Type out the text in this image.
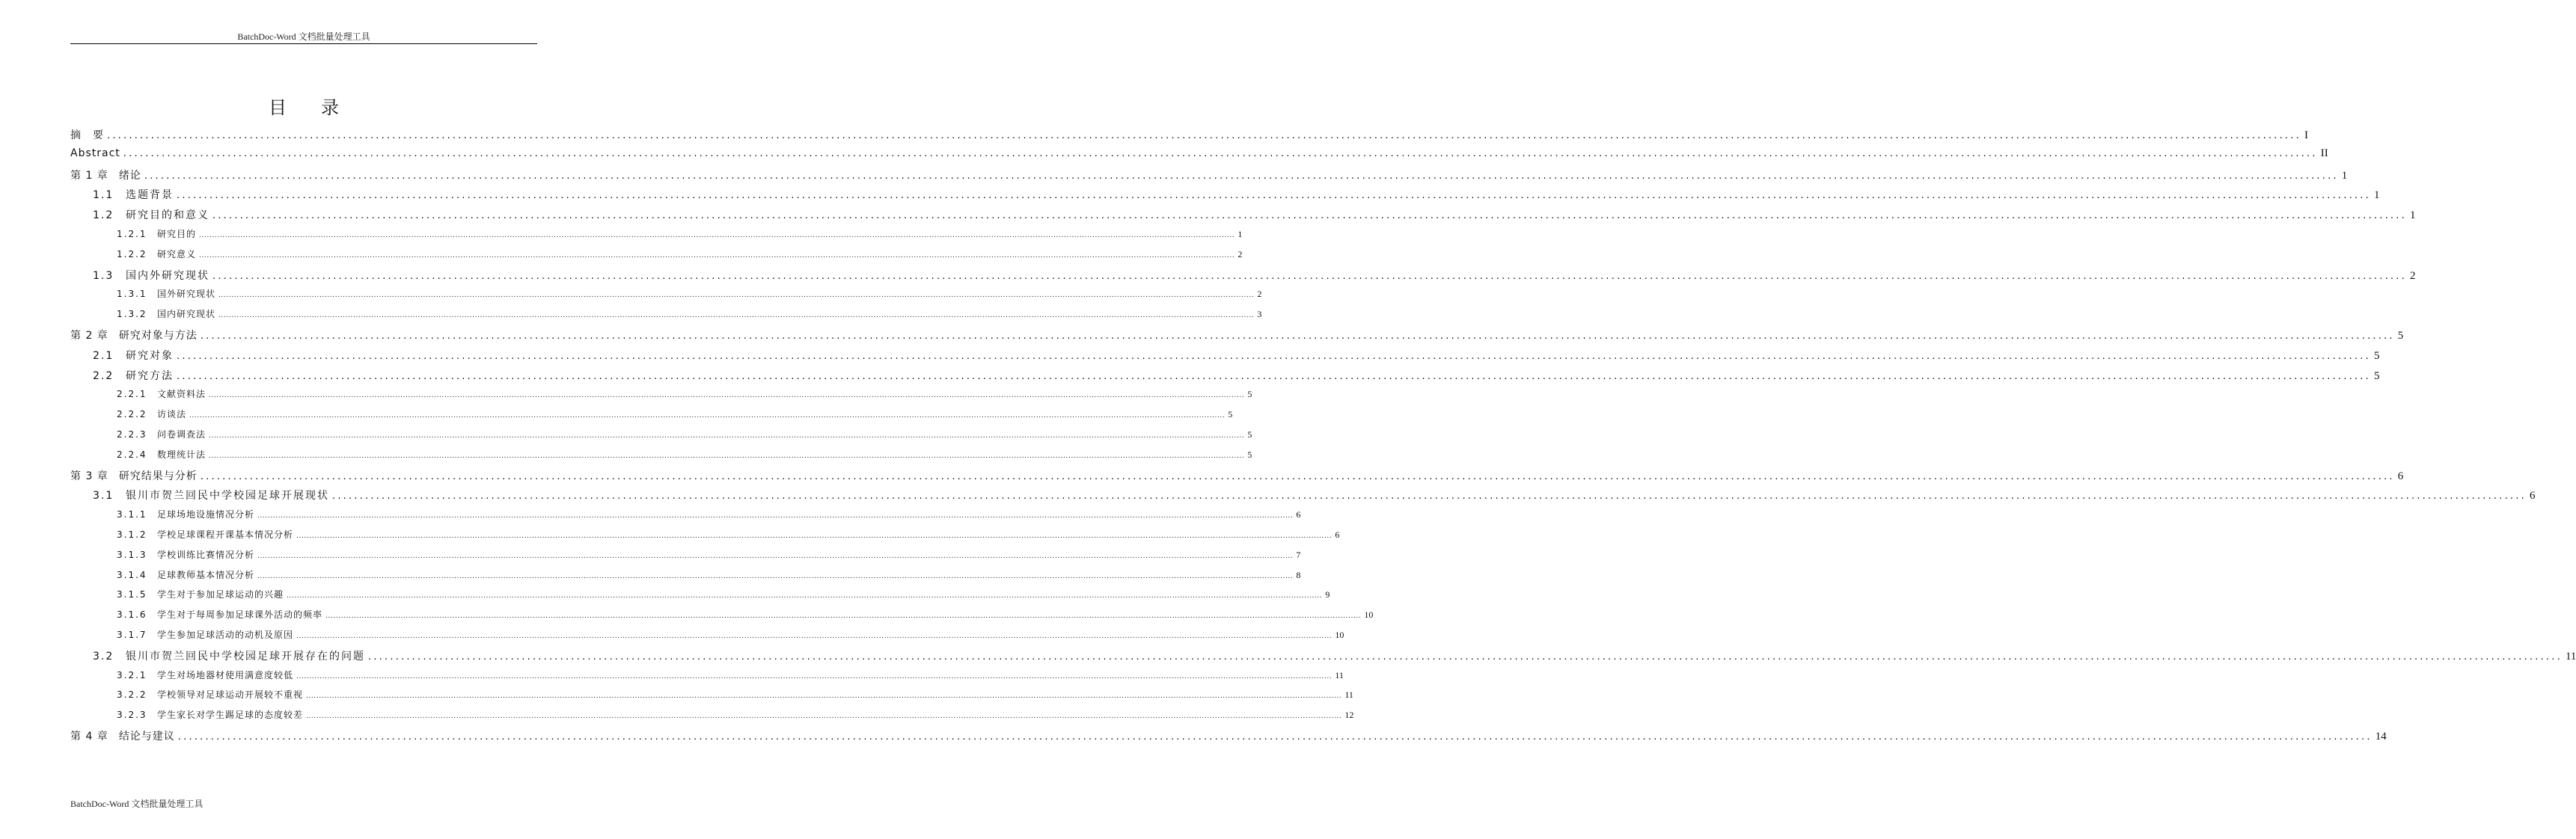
BatchDoc-Word 文档批量处理工具
目录
摘　要 ................................................................................................................................................................................................................................................................................................................................................................................................................ I
Abstract ................................................................................................................................................................................................................................................................................................................................................................................................................ II
第 1 章 绪论 ................................................................................................................................................................................................................................................................................................................................................................................................................ 1
1.1	选题背景 ................................................................................................................................................................................................................................................................................................................................................................................................................ 1
1.2	研究目的和意义 ................................................................................................................................................................................................................................................................................................................................................................................................................ 1
1.2.1	研究目的 ................................................................................................................................................................................................................................................................................................................................................................................................................ 1
1.2.2	研究意义 ................................................................................................................................................................................................................................................................................................................................................................................................................ 2
1.3	国内外研究现状 ................................................................................................................................................................................................................................................................................................................................................................................................................ 2
1.3.1	国外研究现状 ................................................................................................................................................................................................................................................................................................................................................................................................................ 2
1.3.2	国内研究现状 ................................................................................................................................................................................................................................................................................................................................................................................................................ 3
第 2 章 研究对象与方法 ................................................................................................................................................................................................................................................................................................................................................................................................................ 5
2.1	研究对象 ................................................................................................................................................................................................................................................................................................................................................................................................................ 5
2.2	研究方法 ................................................................................................................................................................................................................................................................................................................................................................................................................ 5
2.2.1	文献资料法 ................................................................................................................................................................................................................................................................................................................................................................................................................ 5
2.2.2	访谈法 ................................................................................................................................................................................................................................................................................................................................................................................................................ 5
2.2.3	问卷调查法 ................................................................................................................................................................................................................................................................................................................................................................................................................ 5
2.2.4	数理统计法 ................................................................................................................................................................................................................................................................................................................................................................................................................ 5
第 3 章 研究结果与分析 ................................................................................................................................................................................................................................................................................................................................................................................................................ 6
3.1	银川市贺兰回民中学校园足球开展现状 ................................................................................................................................................................................................................................................................................................................................................................................................................ 6
3.1.1	足球场地设施情况分析 ................................................................................................................................................................................................................................................................................................................................................................................................................ 6
3.1.2	学校足球课程开课基本情况分析 ................................................................................................................................................................................................................................................................................................................................................................................................................ 6
3.1.3	学校训练比赛情况分析 ................................................................................................................................................................................................................................................................................................................................................................................................................ 7
3.1.4	足球教师基本情况分析 ................................................................................................................................................................................................................................................................................................................................................................................................................ 8
3.1.5	学生对于参加足球运动的兴趣 ................................................................................................................................................................................................................................................................................................................................................................................................................ 9
3.1.6	学生对于每周参加足球课外活动的频率 ................................................................................................................................................................................................................................................................................................................................................................................................................ 10
3.1.7	学生参加足球活动的动机及原因 ................................................................................................................................................................................................................................................................................................................................................................................................................ 10
3.2	银川市贺兰回民中学校园足球开展存在的问题 ................................................................................................................................................................................................................................................................................................................................................................................................................ 11
3.2.1	学生对场地器材使用满意度较低 ................................................................................................................................................................................................................................................................................................................................................................................................................ 11
3.2.2	学校领导对足球运动开展较不重视 ................................................................................................................................................................................................................................................................................................................................................................................................................ 11
3.2.3	学生家长对学生踢足球的态度较差 ................................................................................................................................................................................................................................................................................................................................................................................................................ 12
第 4 章 结论与建议 ................................................................................................................................................................................................................................................................................................................................................................................................................ 14
BatchDoc-Word 文档批量处理工具
